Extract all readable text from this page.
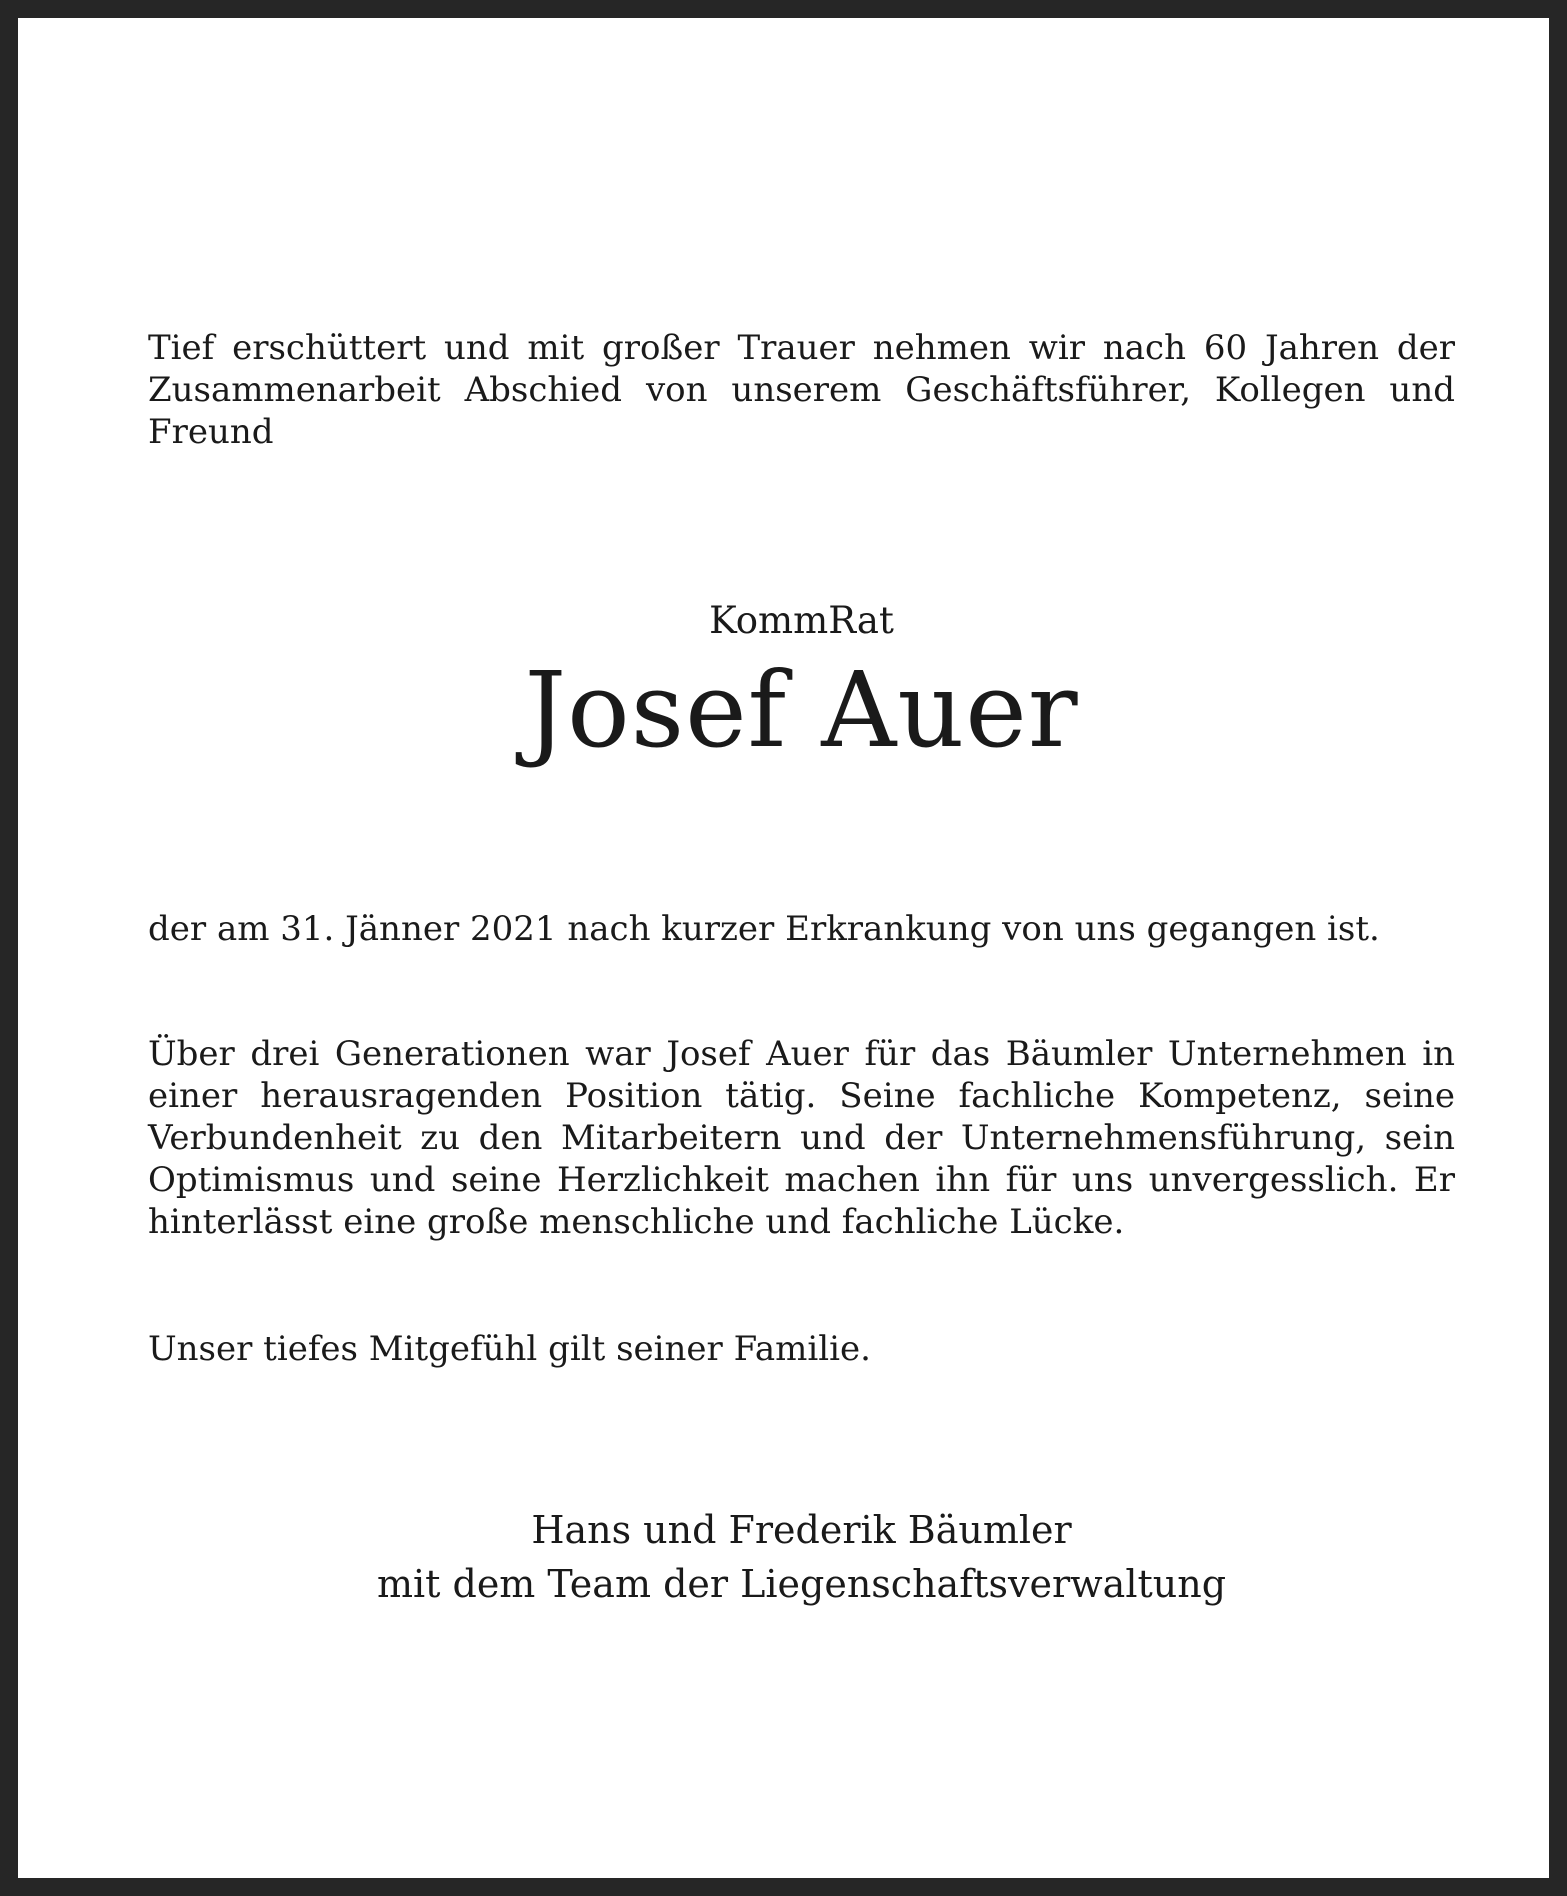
Tief erschüttert und mit großer Trauer nehmen wir nach 60 Jahren der Zusammenarbeit Abschied von unserem Geschäftsführer, Kollegen und Freund

KommRat
Josef Auer

der am 31. Jänner 2021 nach kurzer Erkrankung von uns gegangen ist.

Über drei Generationen war Josef Auer für das Bäumler Unternehmen in einer herausragenden Position tätig. Seine fachliche Kompetenz, seine Verbundenheit zu den Mitarbeitern und der Unternehmensführung, sein Optimismus und seine Herzlichkeit machen ihn für uns unvergesslich. Er hinterlässt eine große menschliche und fachliche Lücke.

Unser tiefes Mitgefühl gilt seiner Familie.

Hans und Frederik Bäumler
mit dem Team der Liegenschaftsverwaltung
